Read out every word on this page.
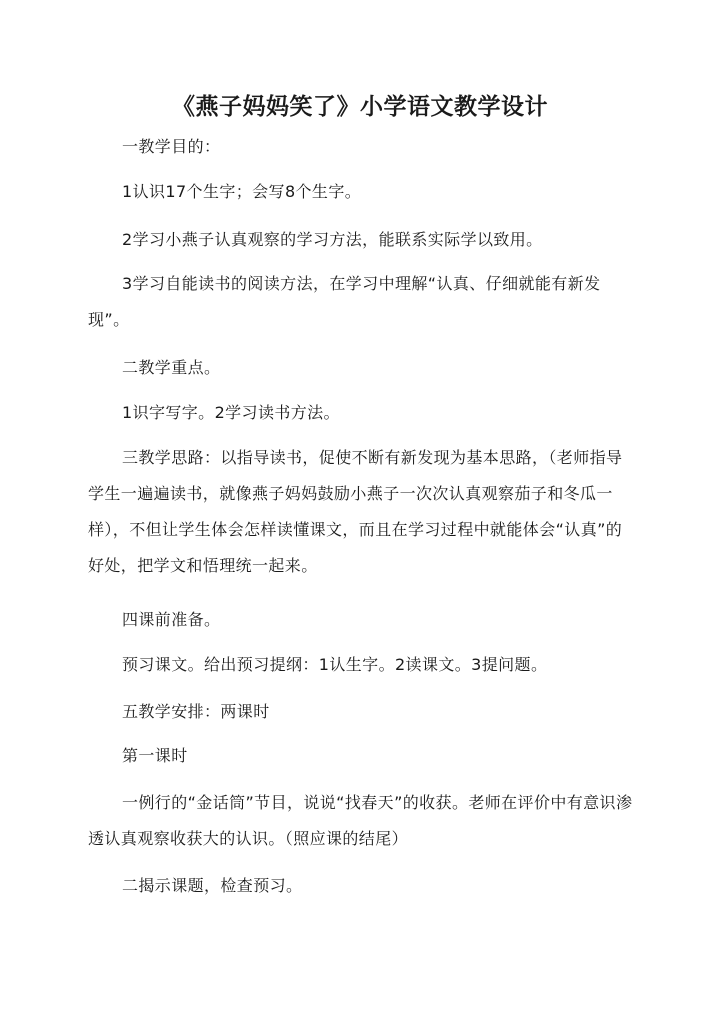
《燕子妈妈笑了》小学语文教学设计

一教学目的：

1认识17个生字；会写8个生字。

2学习小燕子认真观察的学习方法，能联系实际学以致用。

3学习自能读书的阅读方法，在学习中理解“认真、仔细就能有新发现”。

二教学重点。

1识字写字。2学习读书方法。

三教学思路：以指导读书，促使不断有新发现为基本思路，（老师指导学生一遍遍读书，就像燕子妈妈鼓励小燕子一次次认真观察茄子和冬瓜一样），不但让学生体会怎样读懂课文，而且在学习过程中就能体会“认真”的好处，把学文和悟理统一起来。

四课前准备。

预习课文。给出预习提纲：1认生字。2读课文。3提问题。

五教学安排：两课时

第一课时

一例行的“金话筒”节目，说说“找春天”的收获。老师在评价中有意识渗透认真观察收获大的认识。（照应课的结尾）

二揭示课题，检查预习。
